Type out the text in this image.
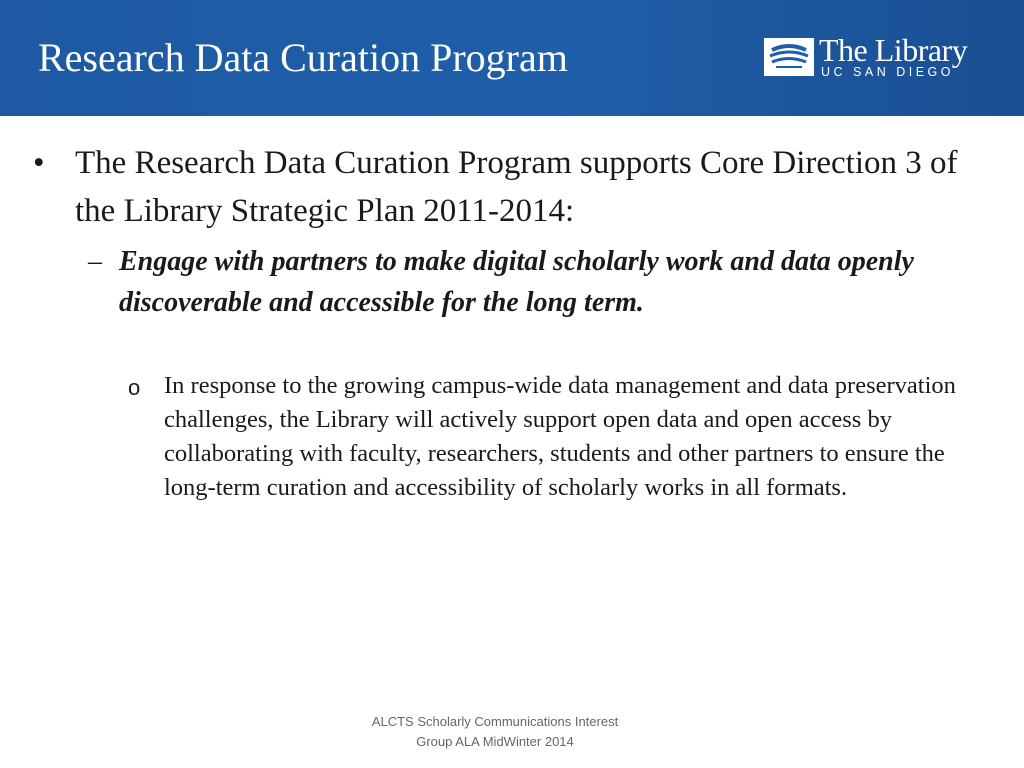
Research Data Curation Program	The Library
UC SAN DIEGO
• The Research Data Curation Program supports Core Direction 3 of the Library Strategic Plan 2011-2014:
– Engage with partners to make digital scholarly work and data openly discoverable and accessible for the long term.
o In response to the growing campus-wide data management and data preservation challenges, the Library will actively support open data and open access by collaborating with faculty, researchers, students and other partners to ensure the long-term curation and accessibility of scholarly works in all formats.
ALCTS Scholarly Communications Interest
Group ALA MidWinter 2014
